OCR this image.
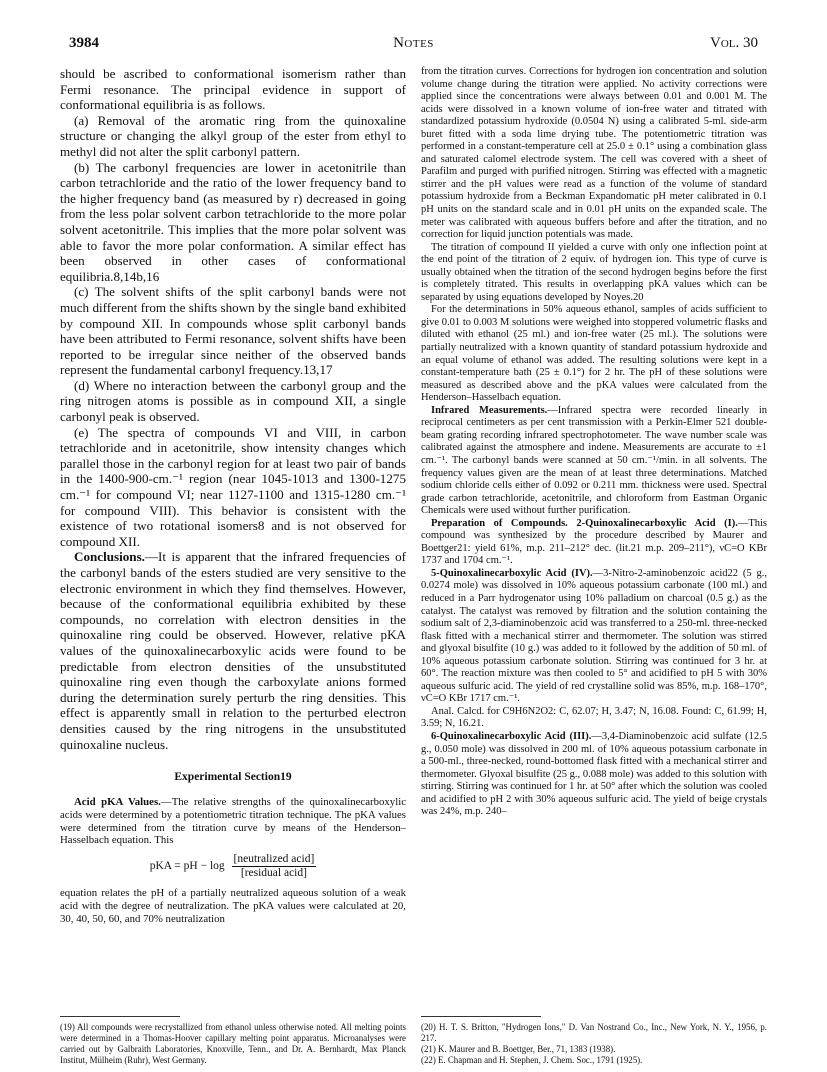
3984	Notes	Vol. 30

should be ascribed to conformational isomerism rather than Fermi resonance. The principal evidence in support of conformational equilibria is as follows.

(a) Removal of the aromatic ring from the quinoxaline structure or changing the alkyl group of the ester from ethyl to methyl did not alter the split carbonyl pattern.

(b) The carbonyl frequencies are lower in acetonitrile than carbon tetrachloride and the ratio of the lower frequency band to the higher frequency band (as measured by r) decreased in going from the less polar solvent carbon tetrachloride to the more polar solvent acetonitrile. This implies that the more polar solvent was able to favor the more polar conformation. A similar effect has been observed in other cases of conformational equilibria.8,14b,16

(c) The solvent shifts of the split carbonyl bands were not much different from the shifts shown by the single band exhibited by compound XII. In compounds whose split carbonyl bands have been attributed to Fermi resonance, solvent shifts have been reported to be irregular since neither of the observed bands represent the fundamental carbonyl frequency.13,17

(d) Where no interaction between the carbonyl group and the ring nitrogen atoms is possible as in compound XII, a single carbonyl peak is observed.

(e) The spectra of compounds VI and VIII, in carbon tetrachloride and in acetonitrile, show intensity changes which parallel those in the carbonyl region for at least two pair of bands in the 1400-900-cm.⁻¹ region (near 1045-1013 and 1300-1275 cm.⁻¹ for compound VI; near 1127-1100 and 1315-1280 cm.⁻¹ for compound VIII). This behavior is consistent with the existence of two rotational isomers8 and is not observed for compound XII.

Conclusions.—It is apparent that the infrared frequencies of the carbonyl bands of the esters studied are very sensitive to the electronic environment in which they find themselves. However, because of the conformational equilibria exhibited by these compounds, no correlation with electron densities in the quinoxaline ring could be observed. However, relative pKA values of the quinoxalinecarboxylic acids were found to be predictable from electron densities of the unsubstituted quinoxaline ring even though the carboxylate anions formed during the determination surely perturb the ring densities. This effect is apparently small in relation to the perturbed electron densities caused by the ring nitrogens in the unsubstituted quinoxaline nucleus.

Experimental Section19

Acid pKA Values.—The relative strengths of the quinoxalinecarboxylic acids were determined by a potentiometric titration technique. The pKA values were determined from the titration curve by means of the Henderson–Hasselbach equation. This

pKA = pH − $\log \frac{\text{[neutralized acid]}}{\text{[residual acid]}}$

equation relates the pH of a partially neutralized aqueous solution of a weak acid with the degree of neutralization. The pKA values were calculated at 20, 30, 40, 50, 60, and 70% neutralization

from the titration curves. Corrections for hydrogen ion concentration and solution volume change during the titration were applied. No activity corrections were applied since the concentrations were always between 0.01 and 0.001 M. The acids were dissolved in a known volume of ion-free water and titrated with standardized potassium hydroxide (0.0504 N) using a calibrated 5-ml. side-arm buret fitted with a soda lime drying tube. The potentiometric titration was performed in a constant-temperature cell at 25.0 ± 0.1° using a combination glass and saturated calomel electrode system. The cell was covered with a sheet of Parafilm and purged with purified nitrogen. Stirring was effected with a magnetic stirrer and the pH values were read as a function of the volume of standard potassium hydroxide from a Beckman Expandomatic pH meter calibrated in 0.1 pH units on the standard scale and in 0.01 pH units on the expanded scale. The meter was calibrated with aqueous buffers before and after the titration, and no correction for liquid junction potentials was made.

The titration of compound II yielded a curve with only one inflection point at the end point of the titration of 2 equiv. of hydrogen ion. This type of curve is usually obtained when the titration of the second hydrogen begins before the first is completely titrated. This results in overlapping pKA values which can be separated by using equations developed by Noyes.20

For the determinations in 50% aqueous ethanol, samples of acids sufficient to give 0.01 to 0.003 M solutions were weighed into stoppered volumetric flasks and diluted with ethanol (25 ml.) and ion-free water (25 ml.). The solutions were partially neutralized with a known quantity of standard potassium hydroxide and an equal volume of ethanol was added. The resulting solutions were kept in a constant-temperature bath (25 ± 0.1°) for 2 hr. The pH of these solutions were measured as described above and the pKA values were calculated from the Henderson–Hasselbach equation.

Infrared Measurements.—Infrared spectra were recorded linearly in reciprocal centimeters as per cent transmission with a Perkin-Elmer 521 double-beam grating recording infrared spectrophotometer. The wave number scale was calibrated against the atmosphere and indene. Measurements are accurate to ±1 cm.⁻¹. The carbonyl bands were scanned at 50 cm.⁻¹/min. in all solvents. The frequency values given are the mean of at least three determinations. Matched sodium chloride cells either of 0.092 or 0.211 mm. thickness were used. Spectral grade carbon tetrachloride, acetonitrile, and chloroform from Eastman Organic Chemicals were used without further purification.

Preparation of Compounds. 2-Quinoxalinecarboxylic Acid (I).—This compound was synthesized by the procedure described by Maurer and Boettger21: yield 61%, m.p. 211–212° dec. (lit.21 m.p. 209–211°), νC=O KBr 1737 and 1704 cm.⁻¹.

5-Quinoxalinecarboxylic Acid (IV).—3-Nitro-2-aminobenzoic acid22 (5 g., 0.0274 mole) was dissolved in 10% aqueous potassium carbonate (100 ml.) and reduced in a Parr hydrogenator using 10% palladium on charcoal (0.5 g.) as the catalyst. The catalyst was removed by filtration and the solution containing the sodium salt of 2,3-diaminobenzoic acid was transferred to a 250-ml. three-necked flask fitted with a mechanical stirrer and thermometer. The solution was stirred and glyoxal bisulfite (10 g.) was added to it followed by the addition of 50 ml. of 10% aqueous potassium carbonate solution. Stirring was continued for 3 hr. at 60°. The reaction mixture was then cooled to 5° and acidified to pH 5 with 30% aqueous sulfuric acid. The yield of red crystalline solid was 85%, m.p. 168–170°, νC=O KBr 1717 cm.⁻¹.

Anal. Calcd. for C9H6N2O2: C, 62.07; H, 3.47; N, 16.08. Found: C, 61.99; H, 3.59; N, 16.21.

6-Quinoxalinecarboxylic Acid (III).—3,4-Diaminobenzoic acid sulfate (12.5 g., 0.050 mole) was dissolved in 200 ml. of 10% aqueous potassium carbonate in a 500-ml., three-necked, round-bottomed flask fitted with a mechanical stirrer and thermometer. Glyoxal bisulfite (25 g., 0.088 mole) was added to this solution with stirring. Stirring was continued for 1 hr. at 50° after which the solution was cooled and acidified to pH 2 with 30% aqueous sulfuric acid. The yield of beige crystals was 24%, m.p. 240–

(19) All compounds were recrystallized from ethanol unless otherwise noted. All melting points were determined in a Thomas-Hoover capillary melting point apparatus. Microanalyses were carried out by Galbraith Laboratories, Knoxville, Tenn., and Dr. A. Bernhardt, Max Planck Institut, Mülheim (Ruhr), West Germany.

(20) H. T. S. Britton, "Hydrogen Ions," D. Van Nostrand Co., Inc., New York, N. Y., 1956, p. 217.

(21) K. Maurer and B. Boettger, Ber., 71, 1383 (1938).

(22) E. Chapman and H. Stephen, J. Chem. Soc., 1791 (1925).
